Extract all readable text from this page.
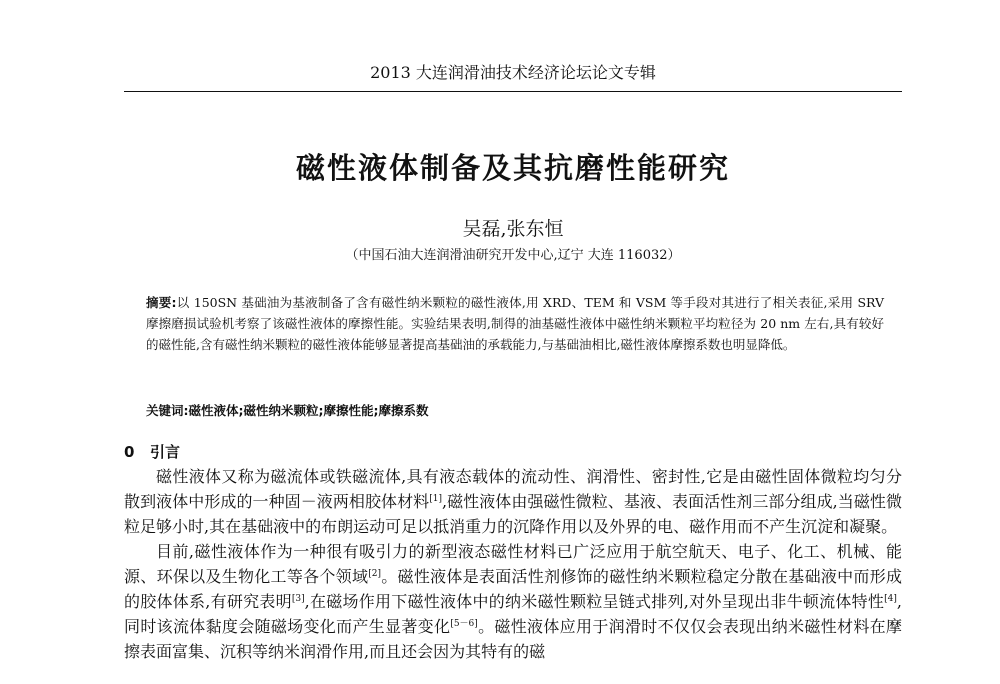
2013 大连润滑油技术经济论坛论文专辑
磁性液体制备及其抗磨性能研究
吴磊,张东恒
（中国石油大连润滑油研究开发中心,辽宁 大连 116032）
摘要:以 150SN 基础油为基液制备了含有磁性纳米颗粒的磁性液体,用 XRD、TEM 和 VSM 等手段对其进行了相关表征,采用 SRV 摩擦磨损试验机考察了该磁性液体的摩擦性能。实验结果表明,制得的油基磁性液体中磁性纳米颗粒平均粒径为 20 nm 左右,具有较好的磁性能,含有磁性纳米颗粒的磁性液体能够显著提高基础油的承载能力,与基础油相比,磁性液体摩擦系数也明显降低。
关键词:磁性液体;磁性纳米颗粒;摩擦性能;摩擦系数
0 引言

磁性液体又称为磁流体或铁磁流体,具有液态载体的流动性、润滑性、密封性,它是由磁性固体微粒均匀分散到液体中形成的一种固－液两相胶体材料[1],磁性液体由强磁性微粒、基液、表面活性剂三部分组成,当磁性微粒足够小时,其在基础液中的布朗运动可足以抵消重力的沉降作用以及外界的电、磁作用而不产生沉淀和凝聚。

目前,磁性液体作为一种很有吸引力的新型液态磁性材料已广泛应用于航空航天、电子、化工、机械、能源、环保以及生物化工等各个领域[2]。磁性液体是表面活性剂修饰的磁性纳米颗粒稳定分散在基础液中而形成的胶体体系,有研究表明[3],在磁场作用下磁性液体中的纳米磁性颗粒呈链式排列,对外呈现出非牛顿流体特性[4],同时该流体黏度会随磁场变化而产生显著变化[5－6]。磁性液体应用于润滑时不仅仅会表现出纳米磁性材料在摩擦表面富集、沉积等纳米润滑作用,而且还会因为其特有的磁
